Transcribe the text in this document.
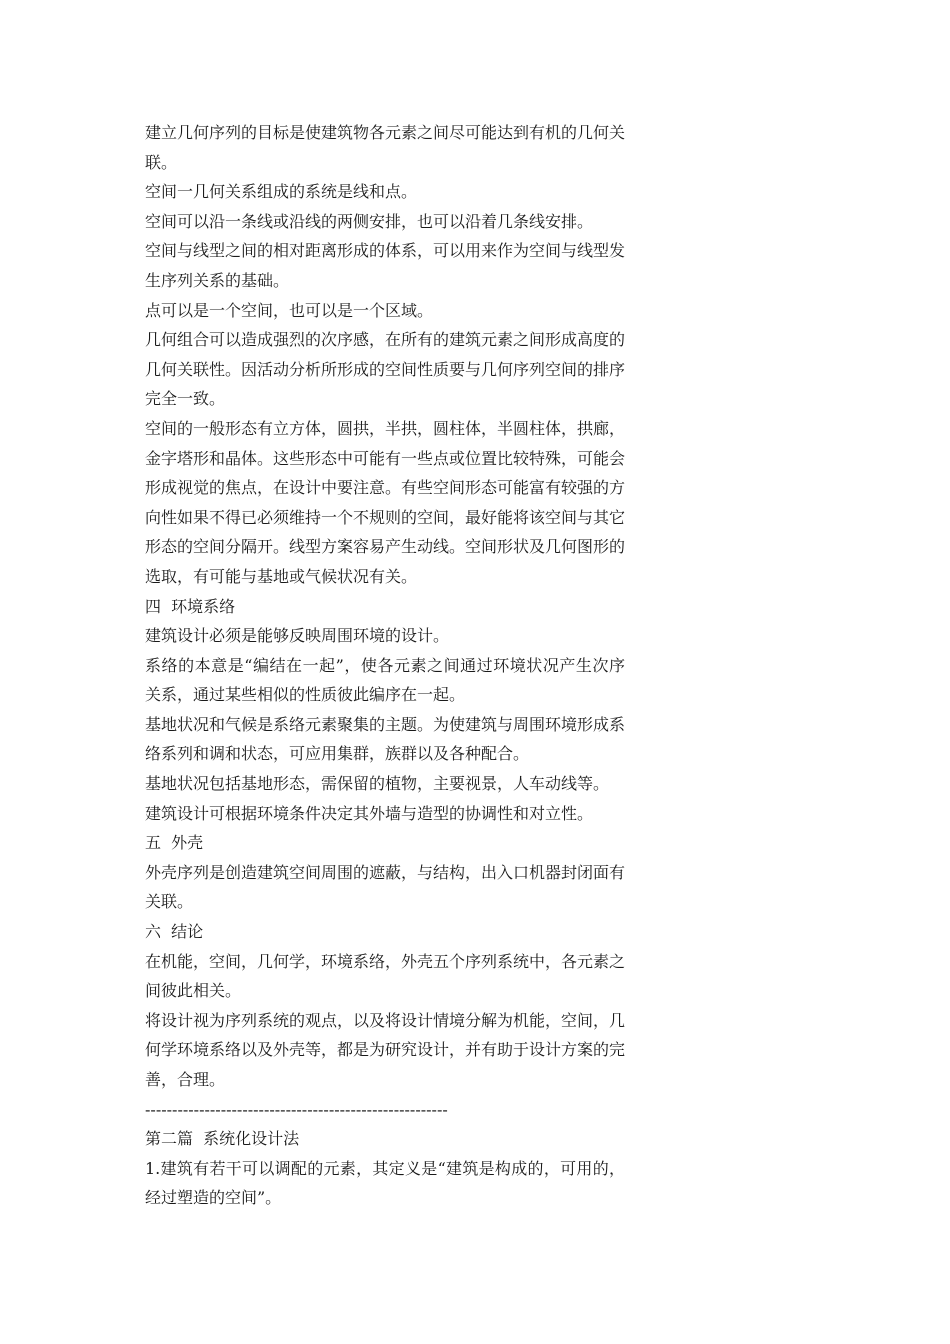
建立几何序列的目标是使建筑物各元素之间尽可能达到有机的几何关联。

空间一几何关系组成的系统是线和点。

空间可以沿一条线或沿线的两侧安排，也可以沿着几条线安排。

空间与线型之间的相对距离形成的体系，可以用来作为空间与线型发生序列关系的基础。

点可以是一个空间，也可以是一个区域。

几何组合可以造成强烈的次序感，在所有的建筑元素之间形成高度的几何关联性。因活动分析所形成的空间性质要与几何序列空间的排序完全一致。

空间的一般形态有立方体，圆拱，半拱，圆柱体，半圆柱体，拱廊，金字塔形和晶体。这些形态中可能有一些点或位置比较特殊，可能会形成视觉的焦点，在设计中要注意。有些空间形态可能富有较强的方向性如果不得已必须维持一个不规则的空间，最好能将该空间与其它形态的空间分隔开。线型方案容易产生动线。空间形状及几何图形的选取，有可能与基地或气候状况有关。

四  环境系络

建筑设计必须是能够反映周围环境的设计。

系络的本意是“编结在一起”，使各元素之间通过环境状况产生次序关系，通过某些相似的性质彼此编序在一起。

基地状况和气候是系络元素聚集的主题。为使建筑与周围环境形成系络系列和调和状态，可应用集群，族群以及各种配合。

基地状况包括基地形态，需保留的植物，主要视景，人车动线等。

建筑设计可根据环境条件决定其外墙与造型的协调性和对立性。

五  外壳

外壳序列是创造建筑空间周围的遮蔽，与结构，出入口机器封闭面有关联。

六  结论

在机能，空间，几何学，环境系络，外壳五个序列系统中，各元素之间彼此相关。

将设计视为序列系统的观点，以及将设计情境分解为机能，空间，几何学环境系络以及外壳等，都是为研究设计，并有助于设计方案的完善，合理。

--------------------------------------------------------

第二篇  系统化设计法

1.建筑有若干可以调配的元素，其定义是“建筑是构成的，可用的，经过塑造的空间”。
